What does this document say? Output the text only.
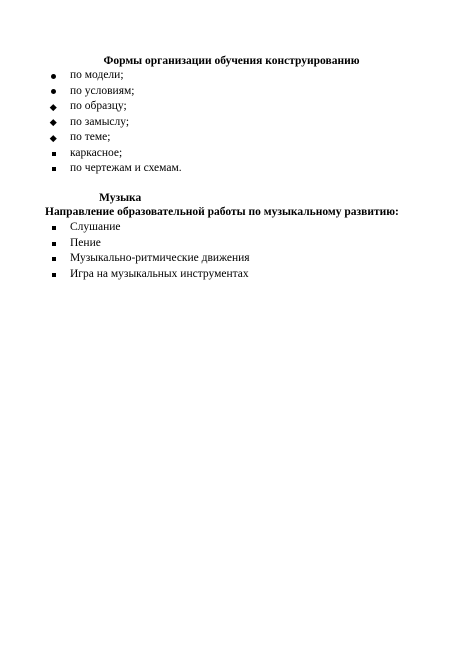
Формы организации обучения конструированию
по модели;
по условиям;
по образцу;
по замыслу;
по теме;
каркасное;
по чертежам и схемам.
Музыка
Направление образовательной работы по музыкальному развитию:
Слушание
Пение
Музыкально-ритмические движения
Игра на музыкальных инструментах
